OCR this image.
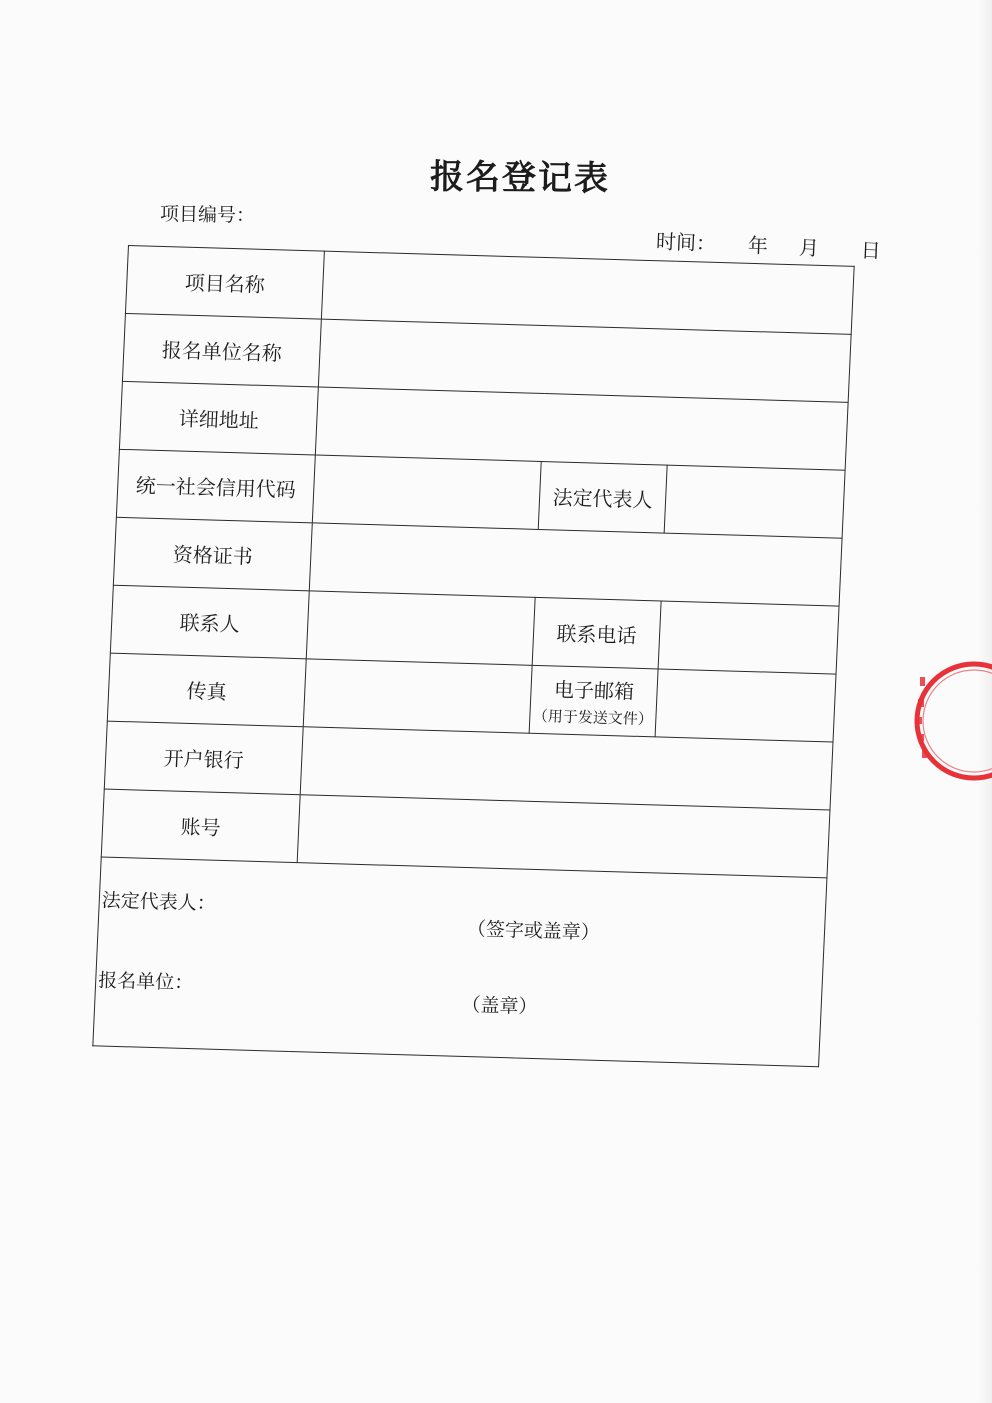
报名登记表
项目编号：
时间： 年 月 日
项目名称			
报名单位名称			
详细地址			
统一社会信用代码		法定代表人	
资格证书			
联系人		联系电话	
传真		电子邮箱
（用于发送文件）	

开户银行			
账号			

法定代表人：
（签字或盖章）
报名单位：
（盖章）			
